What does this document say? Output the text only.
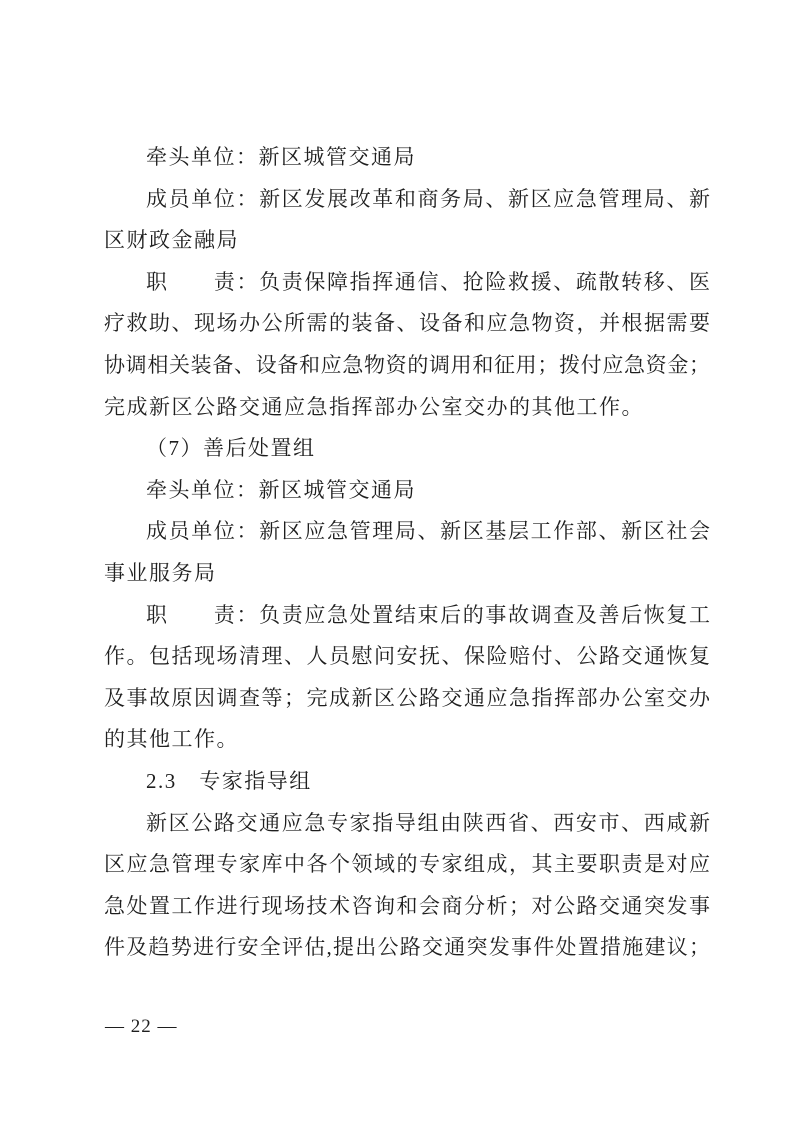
牵头单位：新区城管交通局
成员单位：新区发展改革和商务局、新区应急管理局、新
区财政金融局
职　　责：负责保障指挥通信、抢险救援、疏散转移、医
疗救助、现场办公所需的装备、设备和应急物资，并根据需要
协调相关装备、设备和应急物资的调用和征用；拨付应急资金；
完成新区公路交通应急指挥部办公室交办的其他工作。
（7）善后处置组
牵头单位：新区城管交通局
成员单位：新区应急管理局、新区基层工作部、新区社会
事业服务局
职　　责：负责应急处置结束后的事故调查及善后恢复工
作。包括现场清理、人员慰问安抚、保险赔付、公路交通恢复
及事故原因调查等；完成新区公路交通应急指挥部办公室交办
的其他工作。
2.3　专家指导组
新区公路交通应急专家指导组由陕西省、西安市、西咸新
区应急管理专家库中各个领域的专家组成，其主要职责是对应
急处置工作进行现场技术咨询和会商分析；对公路交通突发事
件及趋势进行安全评估,提出公路交通突发事件处置措施建议；
— 22 —
